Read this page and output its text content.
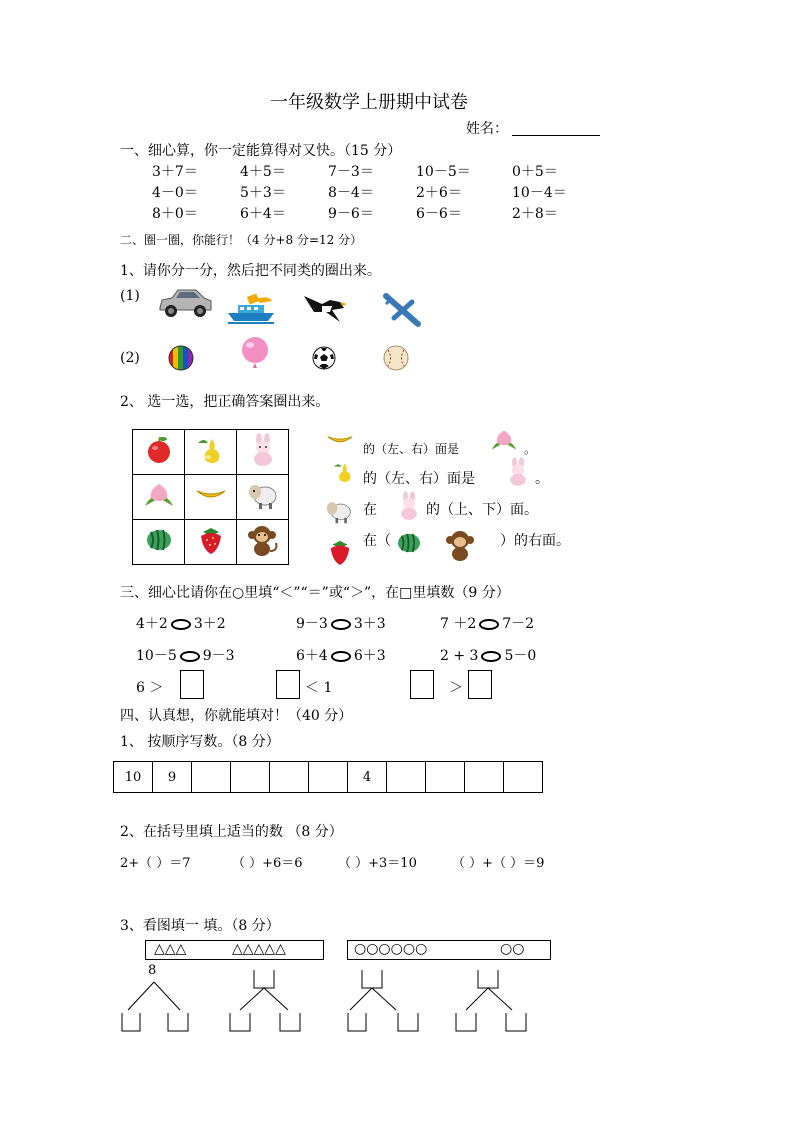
一年级数学上册期中试卷
姓名：
一、细心算，你一定能算得对又快。（15 分）
3＋7＝	4＋5＝	7－3＝	10－5＝	0＋5＝
4－0＝	5＋3＝	8－4＝	2＋6＝	10－4＝
8＋0＝	6＋4＝	9－6＝	6－6＝	2＋8＝
二、圈一圈，你能行！（4 分+8 分=12 分）
1、请你分一分，然后把不同类的圈出来。
(1)
(2)
2、 选一选，把正确答案圈出来。

的（左、右）面是	。
的（左、右）面是	。
在	的（上、下）面。
在（	）的右面。
三、细心比请你在○里填“＜”“＝”或“＞”，在□里填数（9 分）
4＋2 3＋2	9－3 3＋3	7 ＋2 7－2
10－5 9－3	6＋4 6＋3	2 + 3 5－0
6 ＞	＜ 1	＞
四、认真想，你就能填对！（40 分）
1、 按顺序写数。（8 分）
10	9					4				
2、在括号里填上适当的数 （8 分）
2+（ ）＝7	（ ）+6＝6	（ ）+3＝10	（ ）+（ ）＝9
3、看图填一 填。（8 分）
△△△	△△△△△	○○○○○○	○○
8
